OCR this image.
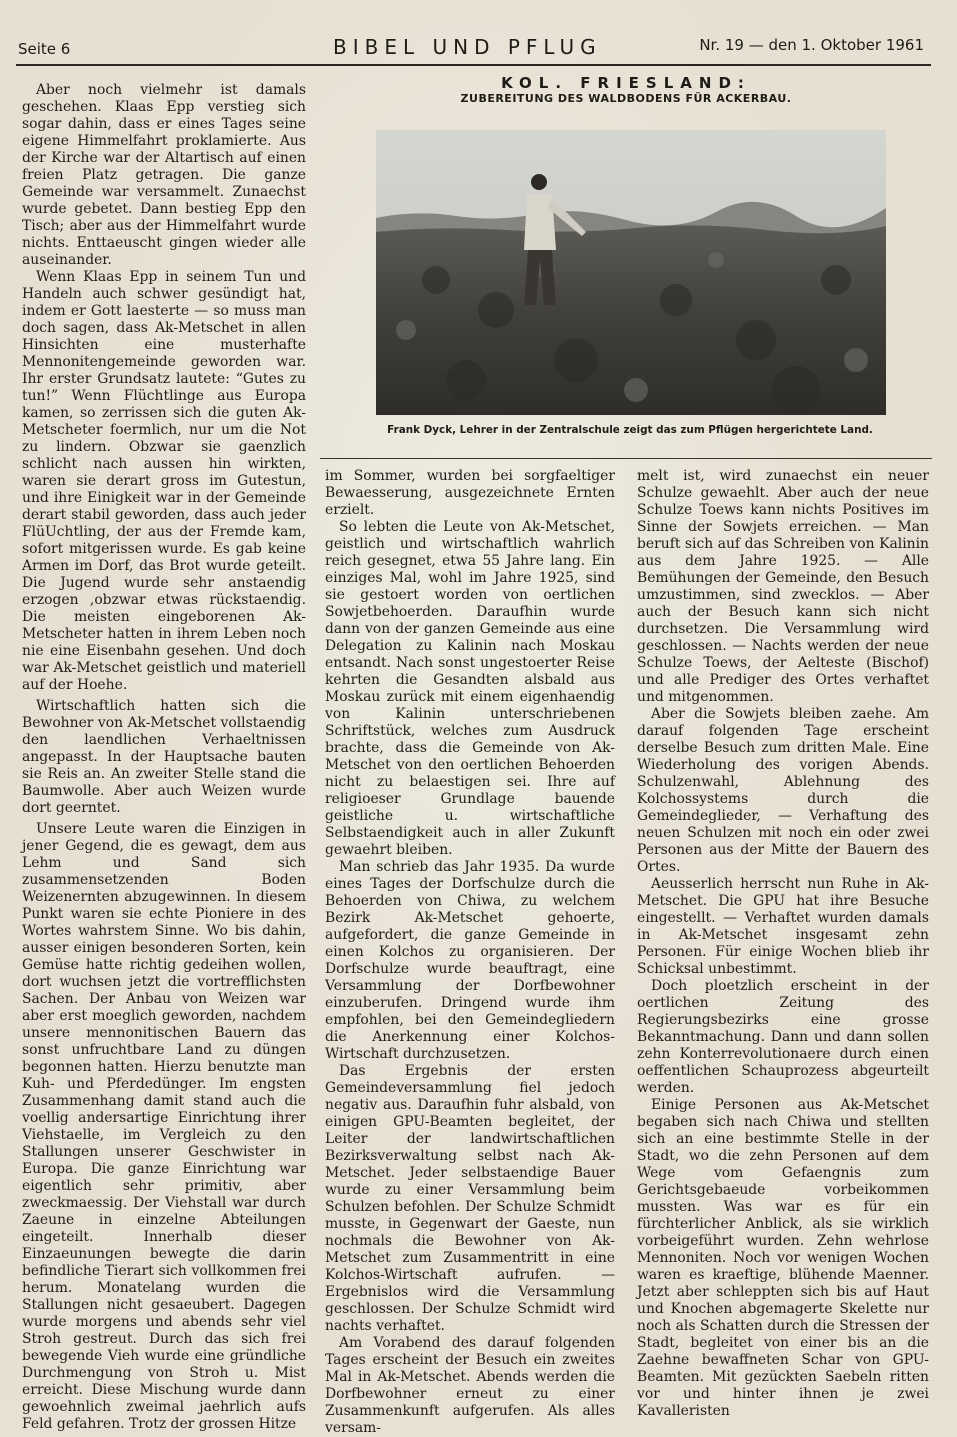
Seite 6	BIBEL UND PFLUG	Nr. 19 — den 1. Oktober 1961

Aber noch vielmehr ist damals geschehen. Klaas Epp verstieg sich sogar dahin, dass er eines Tages seine eigene Himmelfahrt proklamierte. Aus der Kirche war der Altartisch auf einen freien Platz getragen. Die ganze Gemeinde war versammelt. Zunaechst wurde gebetet. Dann bestieg Epp den Tisch; aber aus der Himmelfahrt wurde nichts. Enttaeuscht gingen wieder alle auseinander.

Wenn Klaas Epp in seinem Tun und Handeln auch schwer gesündigt hat, indem er Gott laesterte — so muss man doch sagen, dass Ak-Metschet in allen Hinsichten eine musterhafte Mennonitengemeinde geworden war. Ihr erster Grundsatz lautete: “Gutes zu tun!” Wenn Flüchtlinge aus Europa kamen, so zerrissen sich die guten Ak-Metscheter foermlich, nur um die Not zu lindern. Obzwar sie gaenzlich schlicht nach aussen hin wirkten, waren sie derart gross im Gutestun, und ihre Einigkeit war in der Gemeinde derart stabil geworden, dass auch jeder FlüUchtling, der aus der Fremde kam, sofort mitgerissen wurde. Es gab keine Armen im Dorf, das Brot wurde geteilt. Die Jugend wurde sehr anstaendig erzogen ,obzwar etwas rückstaendig. Die meisten eingeborenen Ak-Metscheter hatten in ihrem Leben noch nie eine Eisenbahn gesehen. Und doch war Ak-Metschet geistlich und materiell auf der Hoehe.

Wirtschaftlich hatten sich die Bewohner von Ak-Metschet vollstaendig den laendlichen Verhaeltnissen angepasst. In der Hauptsache bauten sie Reis an. An zweiter Stelle stand die Baumwolle. Aber auch Weizen wurde dort geerntet.

Unsere Leute waren die Einzigen in jener Gegend, die es gewagt, dem aus Lehm und Sand sich zusammensetzenden Boden Weizenernten abzugewinnen. In diesem Punkt waren sie echte Pioniere in des Wortes wahrstem Sinne. Wo bis dahin, ausser einigen besonderen Sorten, kein Gemüse hatte richtig gedeihen wollen, dort wuchsen jetzt die vortrefflichsten Sachen. Der Anbau von Weizen war aber erst moeglich geworden, nachdem unsere mennonitischen Bauern das sonst unfruchtbare Land zu düngen begonnen hatten. Hierzu benutzte man Kuh- und Pferdedünger. Im engsten Zusammenhang damit stand auch die voellig andersartige Einrichtung ihrer Viehstaelle, im Vergleich zu den Stallungen unserer Geschwister in Europa. Die ganze Einrichtung war eigentlich sehr primitiv, aber zweckmaessig. Der Viehstall war durch Zaeune in einzelne Abteilungen eingeteilt. Innerhalb dieser Einzaeunungen bewegte die darin befindliche Tierart sich vollkommen frei herum. Monatelang wurden die Stallungen nicht gesaeubert. Dagegen wurde morgens und abends sehr viel Stroh gestreut. Durch das sich frei bewegende Vieh wurde eine gründliche Durchmengung von Stroh u. Mist erreicht. Diese Mischung wurde dann gewoehnlich zweimal jaehrlich aufs Feld gefahren. Trotz der grossen Hitze

KOL. FRIESLAND:
ZUBEREITUNG DES WALDBODENS FÜR ACKERBAU.
Frank Dyck, Lehrer in der Zentralschule zeigt das zum Pflügen hergerichtete Land.

im Sommer, wurden bei sorgfaeltiger Bewaesserung, ausgezeichnete Ernten erzielt.

So lebten die Leute von Ak-Metschet, geistlich und wirtschaftlich wahrlich reich gesegnet, etwa 55 Jahre lang. Ein einziges Mal, wohl im Jahre 1925, sind sie gestoert worden von oertlichen Sowjetbehoerden. Daraufhin wurde dann von der ganzen Gemeinde aus eine Delegation zu Kalinin nach Moskau entsandt. Nach sonst ungestoerter Reise kehrten die Gesandten alsbald aus Moskau zurück mit einem eigenhaendig von Kalinin unterschriebenen Schriftstück, welches zum Ausdruck brachte, dass die Gemeinde von Ak-Metschet von den oertlichen Behoerden nicht zu belaestigen sei. Ihre auf religioeser Grundlage bauende geistliche u. wirtschaftliche Selbstaendigkeit auch in aller Zukunft gewaehrt bleiben.

Man schrieb das Jahr 1935. Da wurde eines Tages der Dorfschulze durch die Behoerden von Chiwa, zu welchem Bezirk Ak-Metschet gehoerte, aufgefordert, die ganze Gemeinde in einen Kolchos zu organisieren. Der Dorfschulze wurde beauftragt, eine Versammlung der Dorfbewohner einzuberufen. Dringend wurde ihm empfohlen, bei den Gemeindegliedern die Anerkennung einer Kolchos-Wirtschaft durchzusetzen.

Das Ergebnis der ersten Gemeindeversammlung fiel jedoch negativ aus. Daraufhin fuhr alsbald, von einigen GPU-Beamten begleitet, der Leiter der landwirtschaftlichen Bezirksverwaltung selbst nach Ak-Metschet. Jeder selbstaendige Bauer wurde zu einer Versammlung beim Schulzen befohlen. Der Schulze Schmidt musste, in Gegenwart der Gaeste, nun nochmals die Bewohner von Ak-Metschet zum Zusammentritt in eine Kolchos-Wirtschaft aufrufen. — Ergebnislos wird die Versammlung geschlossen. Der Schulze Schmidt wird nachts verhaftet.

Am Vorabend des darauf folgenden Tages erscheint der Besuch ein zweites Mal in Ak-Metschet. Abends werden die Dorfbewohner erneut zu einer Zusammenkunft aufgerufen. Als alles versam-

melt ist, wird zunaechst ein neuer Schulze gewaehlt. Aber auch der neue Schulze Toews kann nichts Positives im Sinne der Sowjets erreichen. — Man beruft sich auf das Schreiben von Kalinin aus dem Jahre 1925. — Alle Bemühungen der Gemeinde, den Besuch umzustimmen, sind zwecklos. — Aber auch der Besuch kann sich nicht durchsetzen. Die Versammlung wird geschlossen. — Nachts werden der neue Schulze Toews, der Aelteste (Bischof) und alle Prediger des Ortes verhaftet und mitgenommen.

Aber die Sowjets bleiben zaehe. Am darauf folgenden Tage erscheint derselbe Besuch zum dritten Male. Eine Wiederholung des vorigen Abends. Schulzenwahl, Ablehnung des Kolchossystems durch die Gemeindeglieder, — Verhaftung des neuen Schulzen mit noch ein oder zwei Personen aus der Mitte der Bauern des Ortes.

Aeusserlich herrscht nun Ruhe in Ak-Metschet. Die GPU hat ihre Besuche eingestellt. — Verhaftet wurden damals in Ak-Metschet insgesamt zehn Personen. Für einige Wochen blieb ihr Schicksal unbestimmt.

Doch ploetzlich erscheint in der oertlichen Zeitung des Regierungsbezirks eine grosse Bekanntmachung. Dann und dann sollen zehn Konterrevolutionaere durch einen oeffentlichen Schauprozess abgeurteilt werden.

Einige Personen aus Ak-Metschet begaben sich nach Chiwa und stellten sich an eine bestimmte Stelle in der Stadt, wo die zehn Personen auf dem Wege vom Gefaengnis zum Gerichtsgebaeude vorbeikommen mussten. Was war es für ein fürchterlicher Anblick, als sie wirklich vorbeigeführt wurden. Zehn wehrlose Mennoniten. Noch vor wenigen Wochen waren es kraeftige, blühende Maenner. Jetzt aber schleppten sich bis auf Haut und Knochen abgemagerte Skelette nur noch als Schatten durch die Stressen der Stadt, begleitet von einer bis an die Zaehne bewaffneten Schar von GPU-Beamten. Mit gezückten Saebeln ritten vor und hinter ihnen je zwei Kavalleristen
